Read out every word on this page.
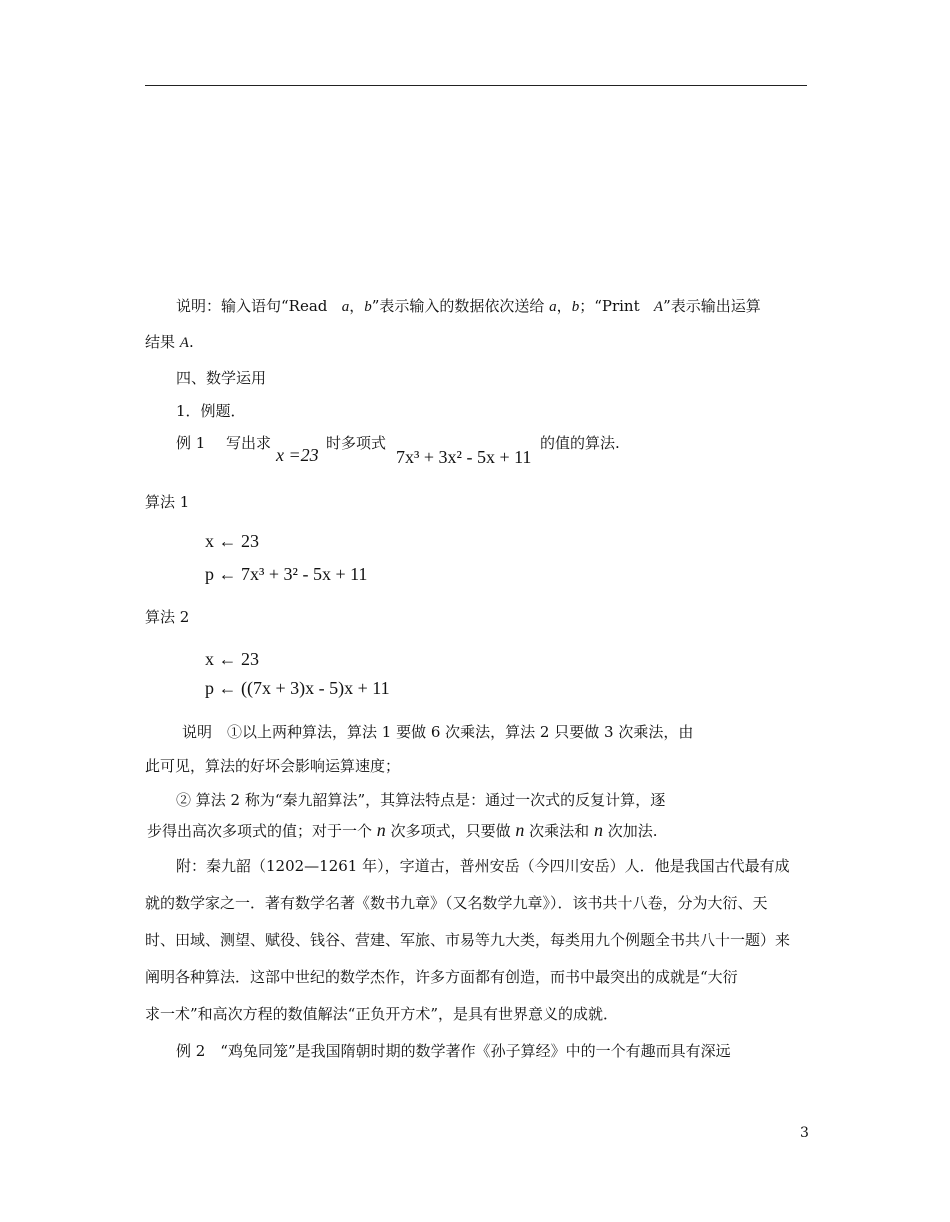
说明：输入语句“Read a，b”表示输入的数据依次送给 a，b；“Print A”表示输出运算
结果 A.
四、数学运用
1．例题．
例 1 写出求
x =23
时多项式
7x³ + 3x² - 5x + 11
的值的算法.
算法 1
x ← 23
p ← 7x³ + 3² - 5x + 11
算法 2
x ← 23
p ← ((7x + 3)x - 5)x + 11
说明　①以上两种算法，算法 1 要做 6 次乘法，算法 2 只要做 3 次乘法，由
此可见，算法的好坏会影响运算速度；
② 算法 2 称为“秦九韶算法”，其算法特点是：通过一次式的反复计算，逐
步得出高次多项式的值；对于一个 n 次多项式，只要做 n 次乘法和 n 次加法.
附：秦九韶（1202—1261 年），字道古，普州安岳（今四川安岳）人．他是我国古代最有成
就的数学家之一．著有数学名著《数书九章》（又名数学九章》）．该书共十八卷，分为大衍、天
时、田域、测望、赋役、钱谷、营建、军旅、市易等九大类，每类用九个例题全书共八十一题）来
阐明各种算法．这部中世纪的数学杰作，许多方面都有创造，而书中最突出的成就是“大衍
求一术”和高次方程的数值解法“正负开方术”，是具有世界意义的成就．
例 2　“鸡兔同笼”是我国隋朝时期的数学著作《孙子算经》中的一个有趣而具有深远
3
